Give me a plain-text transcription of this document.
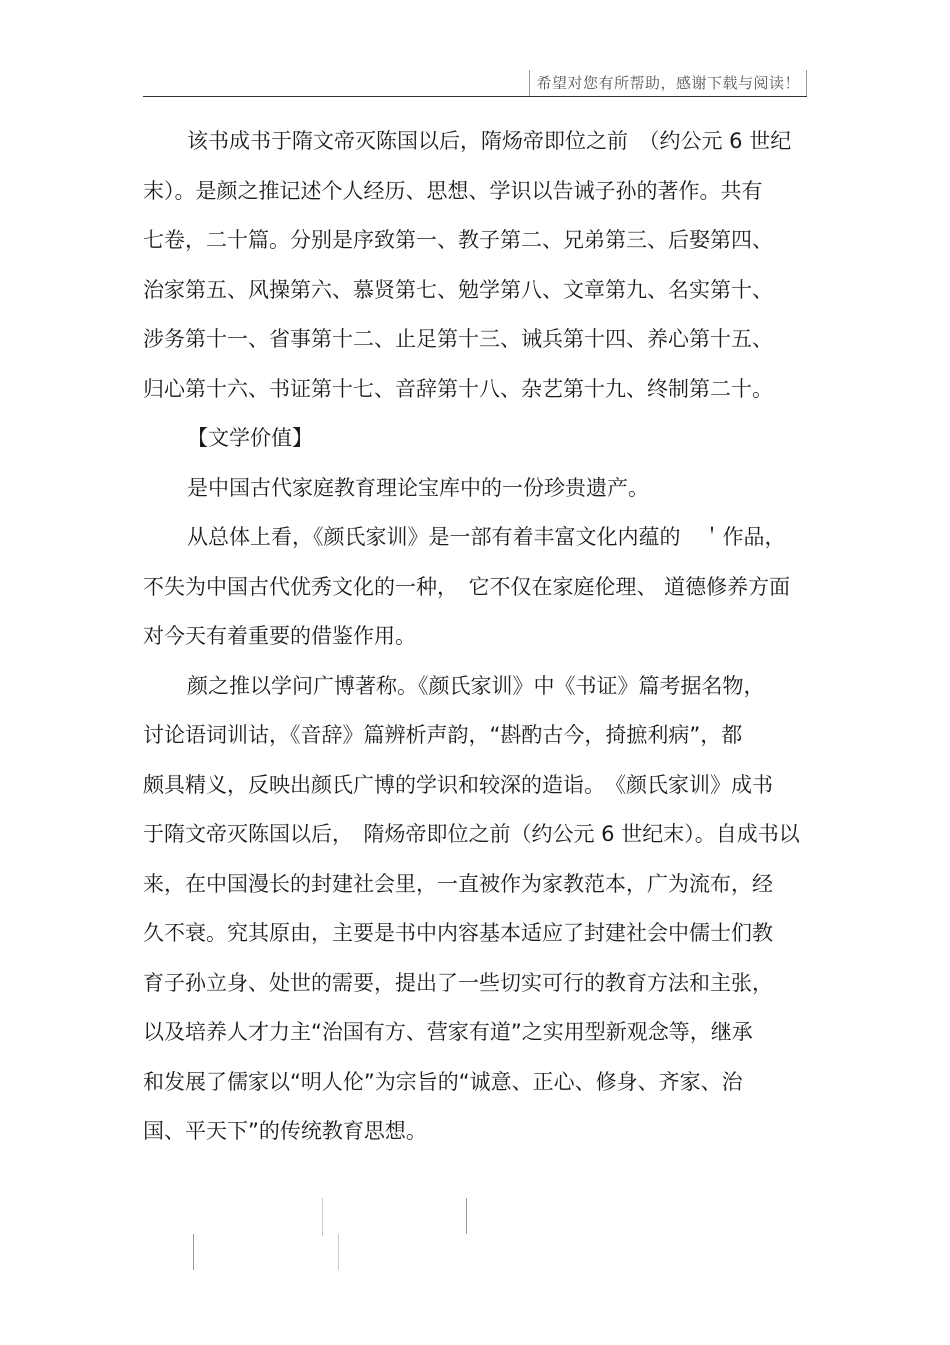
希望对您有所帮助，感谢下载与阅读！
该书成书于隋文帝灭陈国以后，隋炀帝即位之前　（约公元 6 世纪
末）。是颜之推记述个人经历、思想、学识以告诫子孙的著作。共有
七卷，二十篇。分别是序致第一、教子第二、兄弟第三、后娶第四、
治家第五、风操第六、慕贤第七、勉学第八、文章第九、名实第十、
涉务第十一、省事第十二、止足第十三、诫兵第十四、养心第十五、
归心第十六、书证第十七、音辞第十八、杂艺第十九、终制第二十。
【文学价值】
是中国古代家庭教育理论宝库中的一份珍贵遗产。
从总体上看，《颜氏家训》是一部有着丰富文化内蕴的　＇作品，
不失为中国古代优秀文化的一种，　它不仅在家庭伦理、 道德修养方面
对今天有着重要的借鉴作用。
颜之推以学问广博著称。《颜氏家训》中《书证》篇考据名物，
讨论语词训诂，《音辞》篇辨析声韵，“斟酌古今，掎摭利病”，都
颇具精义，反映出颜氏广博的学识和较深的造诣。　《颜氏家训》成书
于隋文帝灭陈国以后，　隋炀帝即位之前（约公元 6 世纪末）。自成书以
来，在中国漫长的封建社会里，一直被作为家教范本，广为流布，经
久不衰。究其原由，主要是书中内容基本适应了封建社会中儒士们教
育子孙立身、处世的需要，提出了一些切实可行的教育方法和主张，
以及培养人才力主“治国有方、营家有道”之实用型新观念等，继承
和发展了儒家以“明人伦”为宗旨的“诚意、正心、修身、齐家、治
国、平天下”的传统教育思想。
